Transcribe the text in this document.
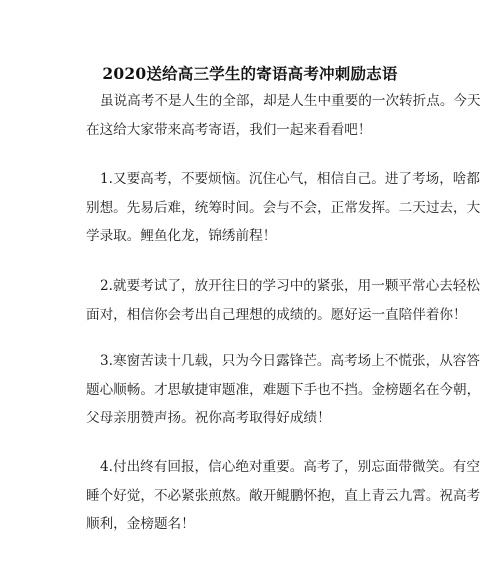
2020送给高三学生的寄语高考冲刺励志语
虽说高考不是人生的全部，却是人生中重要的一次转折点。今天
在这给大家带来高考寄语，我们一起来看看吧！
1.又要高考，不要烦恼。沉住心气，相信自己。进了考场，啥都
别想。先易后难，统筹时间。会与不会，正常发挥。二天过去，大
学录取。鲤鱼化龙，锦绣前程！
2.就要考试了，放开往日的学习中的紧张，用一颗平常心去轻松
面对，相信你会考出自己理想的成绩的。愿好运一直陪伴着你！
3.寒窗苦读十几载，只为今日露锋芒。高考场上不慌张，从容答
题心顺畅。才思敏捷审题准，难题下手也不挡。金榜题名在今朝，
父母亲朋赞声扬。祝你高考取得好成绩！
4.付出终有回报，信心绝对重要。高考了，别忘面带微笑。有空
睡个好觉，不必紧张煎熬。敞开鲲鹏怀抱，直上青云九霄。祝高考
顺利，金榜题名！
